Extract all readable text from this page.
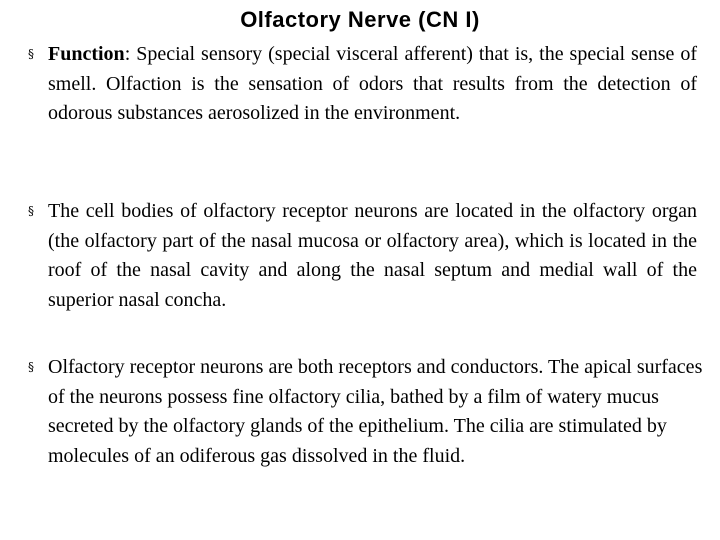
Olfactory Nerve (CN I)
§ Function: Special sensory (special visceral afferent) that is, the special sense of smell. Olfaction is the sensation of odors that results from the detection of odorous substances aerosolized in the environment.

§ The cell bodies of olfactory receptor neurons are located in the olfactory organ (the olfactory part of the nasal mucosa or olfactory area), which is located in the roof of the nasal cavity and along the nasal septum and medial wall of the superior nasal concha.

§ Olfactory receptor neurons are both receptors and conductors. The apical surfaces of the neurons possess fine olfactory cilia, bathed by a film of watery mucus secreted by the olfactory glands of the epithelium. The cilia are stimulated by molecules of an odiferous gas dissolved in the fluid.
